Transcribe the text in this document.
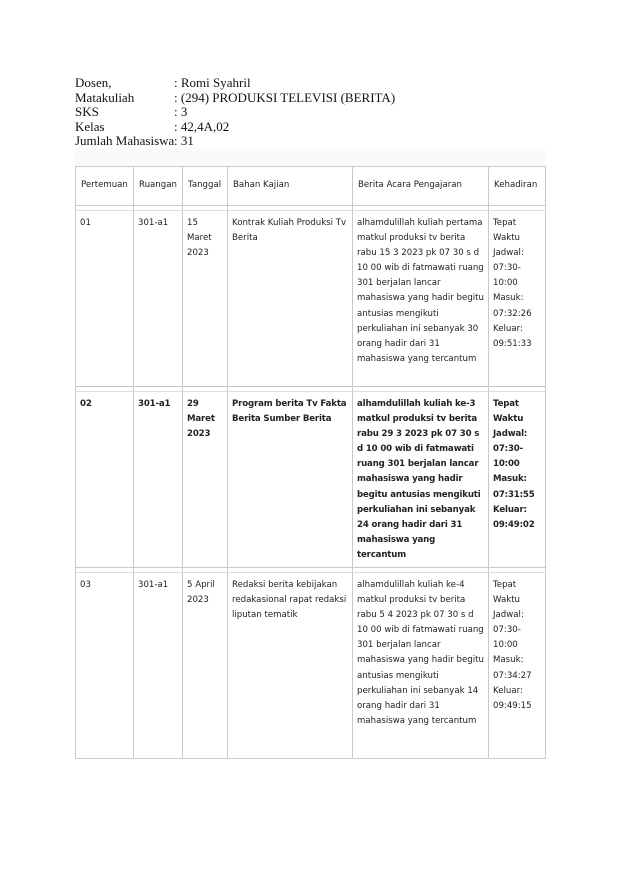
Dosen,	: Romi Syahril
Matakuliah	: (294) PRODUKSI TELEVISI (BERITA)
SKS	: 3
Kelas	: 42,4A,02
Jumlah Mahasiswa : 31
Pertemuan	Ruangan	Tanggal	Bahan Kajian	Berita Acara Pengajaran	Kehadiran

01	301-a1	15 Maret 2023	Kontrak Kuliah Produksi Tv Berita	alhamdulillah kuliah pertama matkul produksi tv berita rabu 15 3 2023 pk 07 30 s d 10 00 wib di fatmawati ruang 301 berjalan lancar mahasiswa yang hadir begitu antusias mengikuti perkuliahan ini sebanyak 30 orang hadir dari 31 mahasiswa yang tercantum	Tepat Waktu Jadwal: 07:30-10:00 Masuk: 07:32:26 Keluar: 09:51:33

02	301-a1	29 Maret 2023	Program berita Tv Fakta Berita Sumber Berita	alhamdulillah kuliah ke-3 matkul produksi tv berita rabu 29 3 2023 pk 07 30 s d 10 00 wib di fatmawati ruang 301 berjalan lancar mahasiswa yang hadir begitu antusias mengikuti perkuliahan ini sebanyak 24 orang hadir dari 31 mahasiswa yang tercantum	Tepat Waktu Jadwal: 07:30-10:00 Masuk: 07:31:55 Keluar: 09:49:02

03	301-a1	5 April 2023	Redaksi berita kebijakan redakasional rapat redaksi liputan tematik	alhamdulillah kuliah ke-4 matkul produksi tv berita rabu 5 4 2023 pk 07 30 s d 10 00 wib di fatmawati ruang 301 berjalan lancar mahasiswa yang hadir begitu antusias mengikuti perkuliahan ini sebanyak 14 orang hadir dari 31 mahasiswa yang tercantum	Tepat Waktu Jadwal: 07:30-10:00 Masuk: 07:34:27 Keluar: 09:49:15
